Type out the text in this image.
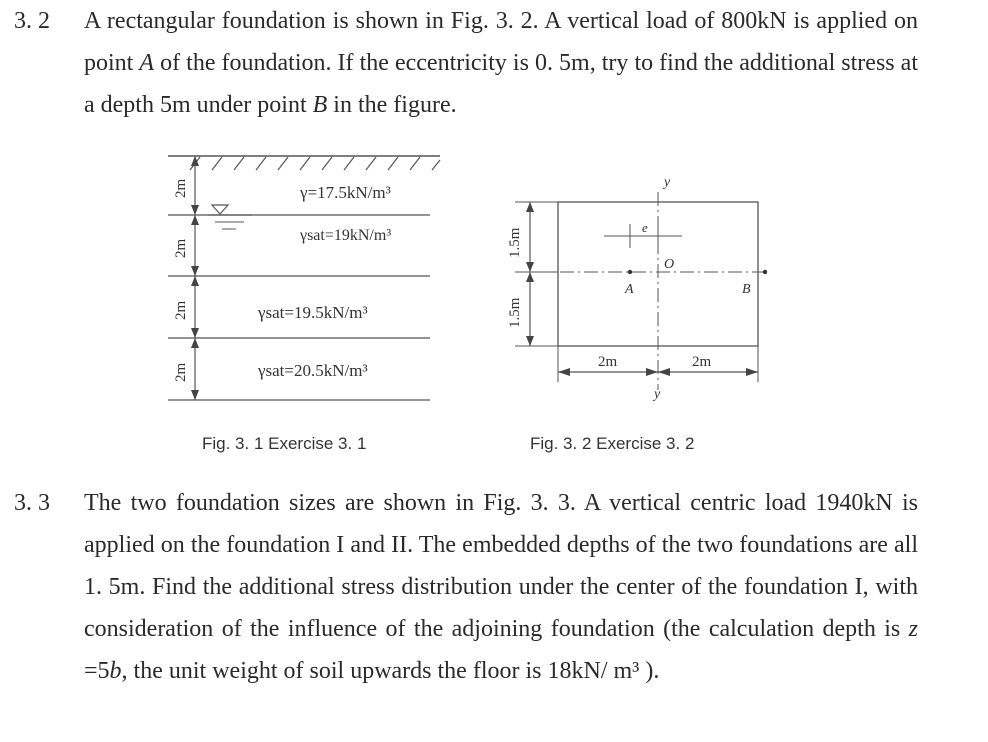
3. 2 A rectangular foundation is shown in Fig. 3. 2. A vertical load of 800kN is applied on point A of the foundation. If the eccentricity is 0. 5m, try to find the additional stress at a depth 5m under point B in the figure.
2m
2m
2m
2m
γ=17.5kN/m³
γsat=19kN/m³
γsat=19.5kN/m³
γsat=20.5kN/m³
Fig. 3. 1 Exercise 3. 1
y
y
e
O
A	B
1.5m
1.5m
2m	2m
Fig. 3. 2 Exercise 3. 2
3. 3 The two foundation sizes are shown in Fig. 3. 3. A vertical centric load 1940kN is applied on the foundation I and II. The embedded depths of the two foundations are all 1. 5m. Find the additional stress distribution under the center of the foundation I, with consideration of the influence of the adjoining foundation (the calculation depth is z =5b, the unit weight of soil upwards the floor is 18kN/ m³ ).
